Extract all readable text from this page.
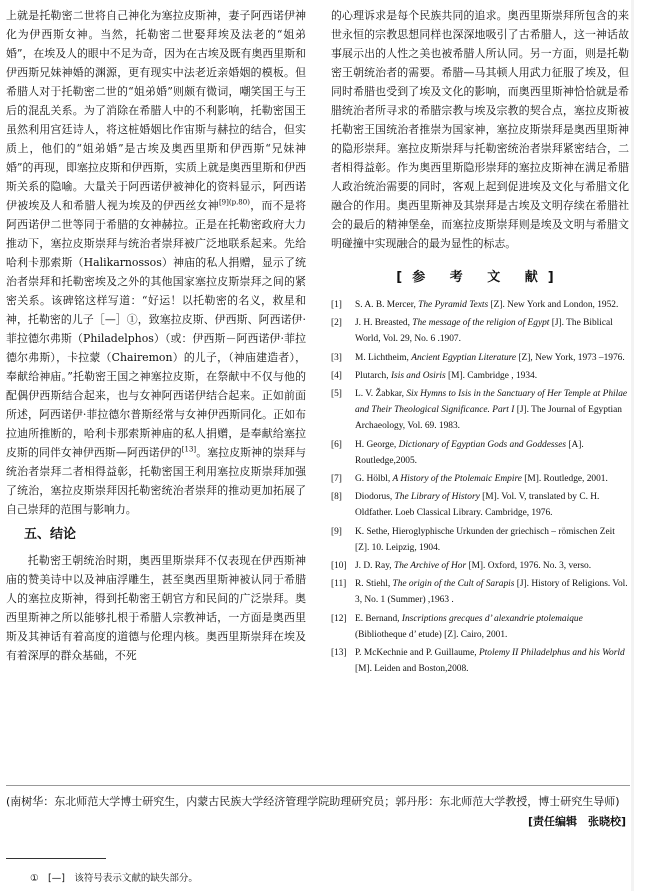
上就是托勒密二世将自己神化为塞拉皮斯神，妻子阿西诺伊神化为伊西斯女神。当然，托勒密二世娶拜埃及法老的“姐弟婚”，在埃及人的眼中不足为奇，因为在古埃及既有奥西里斯和伊西斯兄妹神婚的渊源，更有现实中法老近亲婚姻的模板。但希腊人对于托勒密二世的“姐弟婚”则颇有微词，嘲笑国王与王后的混乱关系。为了消除在希腊人中的不利影响，托勒密国王虽然利用宫廷诗人，将这桩婚姻比作宙斯与赫拉的结合，但实质上，他们的“姐弟婚”是古埃及奥西里斯和伊西斯“兄妹神婚”的再现，即塞拉皮斯和伊西斯，实质上就是奥西里斯和伊西斯关系的隐喻。大量关于阿西诺伊被神化的资料显示，阿西诺伊被埃及人和希腊人视为埃及的伊西丝女神$^{[9](p.80)}$，而不是将阿西诺伊二世等同于希腊的女神赫拉。正是在托勒密政府大力推动下，塞拉皮斯崇拜与统治者崇拜被广泛地联系起来。先给哈利卡那索斯（Halikarnossos）神庙的私人捐赠，显示了统治者崇拜和托勒密埃及之外的其他国家塞拉皮斯崇拜之间的紧密关系。该碑铭这样写道：“好运！以托勒密的名义，救星和神，托勒密的儿子［—］①，致塞拉皮斯、伊西斯、阿西诺伊·菲拉德尔弗斯（Philadelphos）（或：伊西斯－阿西诺伊·菲拉德尔弗斯），卡拉蒙（Chairemon）的儿子，（神庙建造者），奉献给神庙。”托勒密王国之神塞拉皮斯，在祭献中不仅与他的配偶伊西斯结合起来，也与女神阿西诺伊结合起来。正如前面所述，阿西诺伊·菲拉德尔普斯经常与女神伊西斯同化。正如布拉迪所推断的，哈利卡那索斯神庙的私人捐赠，是奉献给塞拉皮斯的同伴女神伊西斯—阿西诺伊的[13]。塞拉皮斯神的崇拜与统治者崇拜二者相得益彰，托勒密国王利用塞拉皮斯崇拜加强了统治，塞拉皮斯崇拜因托勒密统治者崇拜的推动更加拓展了自己崇拜的范围与影响力。

五、结论

托勒密王朝统治时期，奥西里斯崇拜不仅表现在伊西斯神庙的赞美诗中以及神庙浮雕生，甚至奥西里斯神被认同于希腊人的塞拉皮斯神，得到托勒密王朝官方和民间的广泛崇拜。奥西里斯神之所以能够扎根于希腊人宗教神话，一方面是奥西里斯及其神话有着高度的道德与伦理内核。奥西里斯崇拜在埃及有着深厚的群众基础，不死

的心理诉求是每个民族共同的追求。奥西里斯崇拜所包含的来世永恒的宗教思想同样也深深地吸引了古希腊人，这一神话故事展示出的人性之美也被希腊人所认同。另一方面，则是托勒密王朝统治者的需要。希腊—马其顿人用武力征服了埃及，但同时希腊也受到了埃及文化的影响，而奥西里斯神恰恰就是希腊统治者所寻求的希腊宗教与埃及宗教的契合点，塞拉皮斯被托勒密王国统治者推崇为国家神，塞拉皮斯崇拜是奥西里斯神的隐形崇拜。塞拉皮斯崇拜与托勒密统治者崇拜紧密结合，二者相得益彰。作为奥西里斯隐形崇拜的塞拉皮斯神在满足希腊人政治统治需要的同时，客观上起到促进埃及文化与希腊文化融合的作用。奥西里斯神及其崇拜是古埃及文明存续在希腊社会的最后的精神堡垒，而塞拉皮斯崇拜则是埃及文明与希腊文明碰撞中实现融合的最为显性的标志。

[参 考 文 献]
[1]	S. A. B. Mercer, The Pyramid Texts [Z]. New York and London, 1952.
[2]	J. H. Breasted, The message of the religion of Egypt [J]. The Biblical World, Vol. 29, No. 6 .1907.
[3]	M. Lichtheim, Ancient Egyptian Literature [Z], New York, 1973 –1976.
[4]	Plutarch, Isis and Osiris [M]. Cambridge , 1934.
[5]	L. V. Žabkar, Six Hymns to Isis in the Sanctuary of Her Temple at Philae and Their Theological Significance. Part I [J]. The Journal of Egyptian Archaeology, Vol. 69. 1983.
[6]	H. George, Dictionary of Egyptian Gods and Goddesses [A]. Routledge,2005.
[7]	G. Hölbl, A History of the Ptolemaic Empire [M]. Routledge, 2001.
[8]	Diodorus, The Library of History [M]. Vol. V, translated by C. H. Oldfather. Loeb Classical Library. Cambridge, 1976.
[9]	K. Sethe, Hieroglyphische Urkunden der griechisch – römischen Zeit [Z]. 10. Leipzig, 1904.
[10] J. D. Ray, The Archive of Hor [M]. Oxford, 1976. No. 3, verso.
[11] R. Stiehl, The origin of the Cult of Sarapis [J]. History of Religions. Vol. 3, No. 1 (Summer) ,1963 .
[12] E. Bernand, Inscriptions grecques d’ alexandrie ptolemaique (Bibliotheque d’ etude) [Z]. Cairo, 2001.
[13] P. McKechnie and P. Guillaume, Ptolemy II Philadelphus and his World [M]. Leiden and Boston,2008.
(南树华：东北师范大学博士研究生，内蒙古民族大学经济管理学院助理研究员；郭丹彤：东北师范大学教授，博士研究生导师)
[责任编辑　张晓校]
①　[—]　该符号表示文献的缺失部分。
